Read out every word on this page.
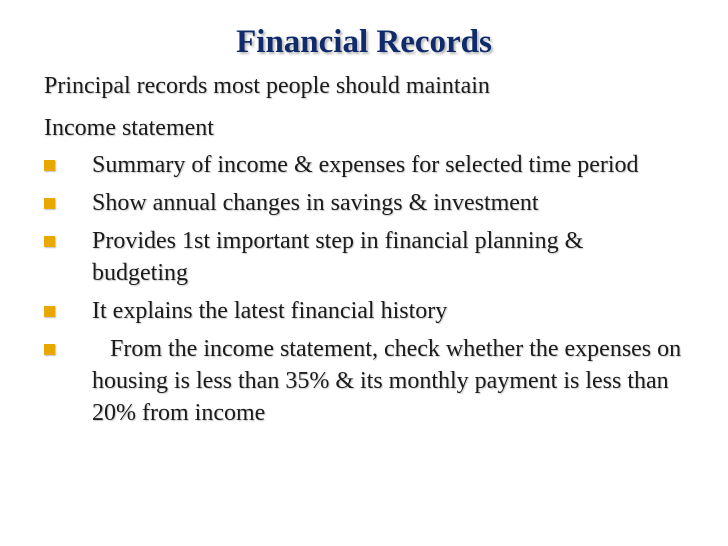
Financial Records
Principal records most people should maintain
Income statement
Summary of income & expenses for selected time period
Show annual changes in savings & investment
Provides 1st important step in financial planning & budgeting
It explains the latest financial history
From the income statement, check whether the expenses on housing is less than 35% & its monthly payment is less than 20% from income
